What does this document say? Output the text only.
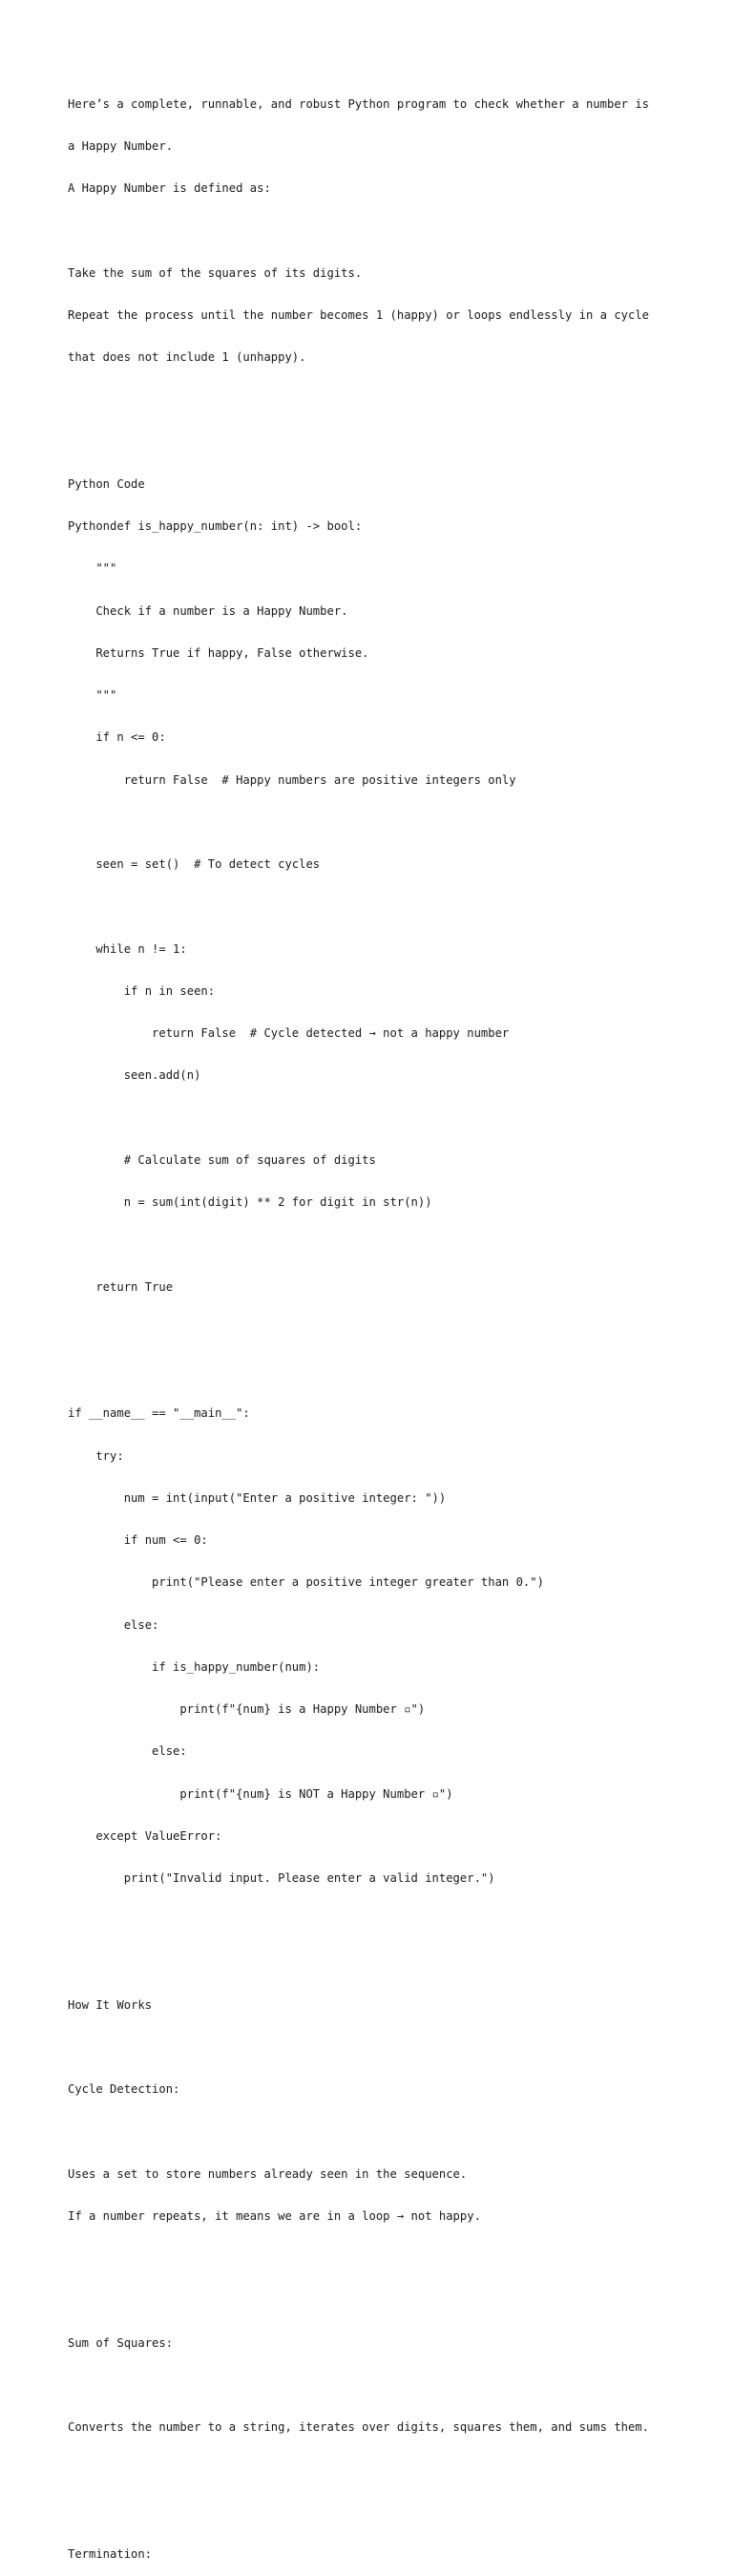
Here’s a complete, runnable, and robust Python program to check whether a number is

a Happy Number.

A Happy Number is defined as:

Take the sum of the squares of its digits.

Repeat the process until the number becomes 1 (happy) or loops endlessly in a cycle

that does not include 1 (unhappy).

Python Code

Pythondef is_happy_number(n: int) -> bool:

"""

Check if a number is a Happy Number.

Returns True if happy, False otherwise.

"""

if n <= 0:

return False  # Happy numbers are positive integers only

seen = set()  # To detect cycles

while n != 1:

if n in seen:

return False  # Cycle detected → not a happy number

seen.add(n)

# Calculate sum of squares of digits

n = sum(int(digit) ** 2 for digit in str(n))

return True

if __name__ == "__main__":

try:

num = int(input("Enter a positive integer: "))

if num <= 0:

print("Please enter a positive integer greater than 0.")

else:

if is_happy_number(num):

print(f"{num} is a Happy Number ▫")

else:

print(f"{num} is NOT a Happy Number ▫")

except ValueError:

print("Invalid input. Please enter a valid integer.")

How It Works

Cycle Detection:

Uses a set to store numbers already seen in the sequence.

If a number repeats, it means we are in a loop → not happy.

Sum of Squares:

Converts the number to a string, iterates over digits, squares them, and sums them.

Termination:
